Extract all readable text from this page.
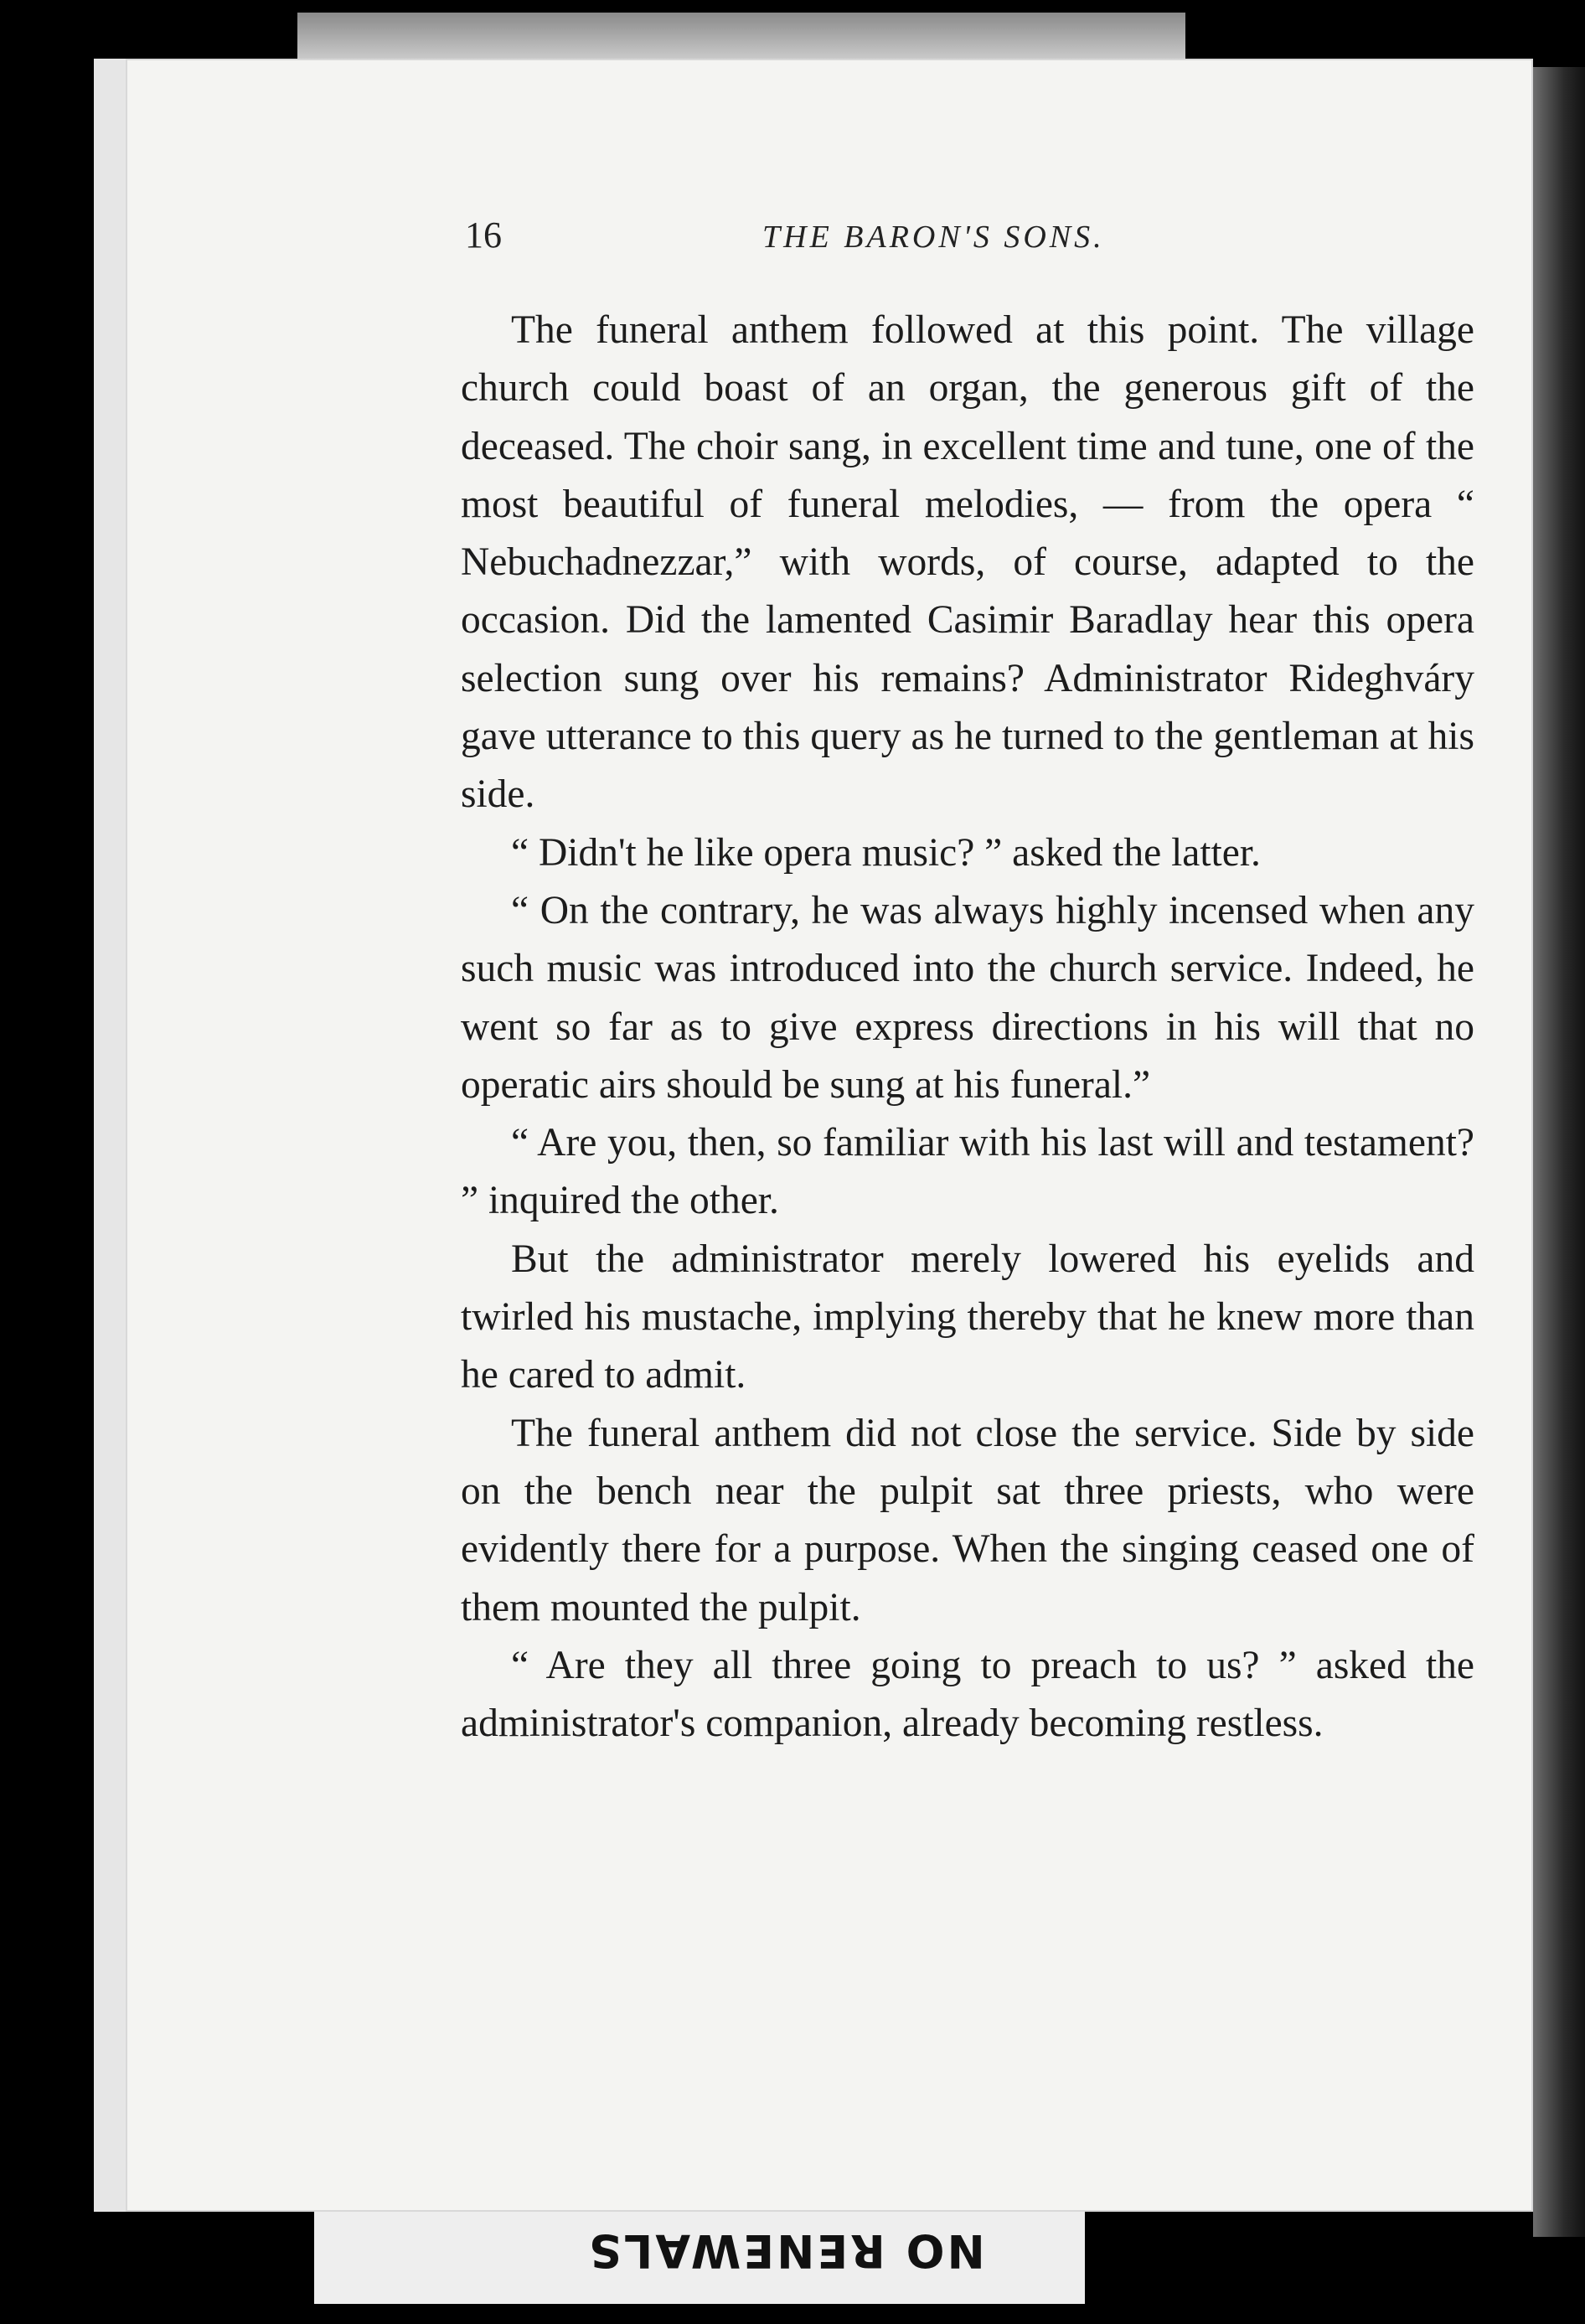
16	THE BARON'S SONS.

The funeral anthem followed at this point. The village church could boast of an organ, the generous gift of the deceased. The choir sang, in excellent time and tune, one of the most beautiful of funeral melodies, — from the opera “ Nebuchadnezzar,” with words, of course, adapted to the occasion. Did the lamented Casimir Baradlay hear this opera selection sung over his remains? Administrator Rideghváry gave utterance to this query as he turned to the gentleman at his side.

“ Didn't he like opera music? ” asked the latter.

“ On the contrary, he was always highly incensed when any such music was introduced into the church service. Indeed, he went so far as to give express directions in his will that no operatic airs should be sung at his funeral.”

“ Are you, then, so familiar with his last will and testament? ” inquired the other.

But the administrator merely lowered his eyelids and twirled his mustache, implying thereby that he knew more than he cared to admit.

The funeral anthem did not close the service. Side by side on the bench near the pulpit sat three priests, who were evidently there for a purpose. When the singing ceased one of them mounted the pulpit.

“ Are they all three going to preach to us? ” asked the administrator's companion, already becoming restless.

NO RENEWALS
